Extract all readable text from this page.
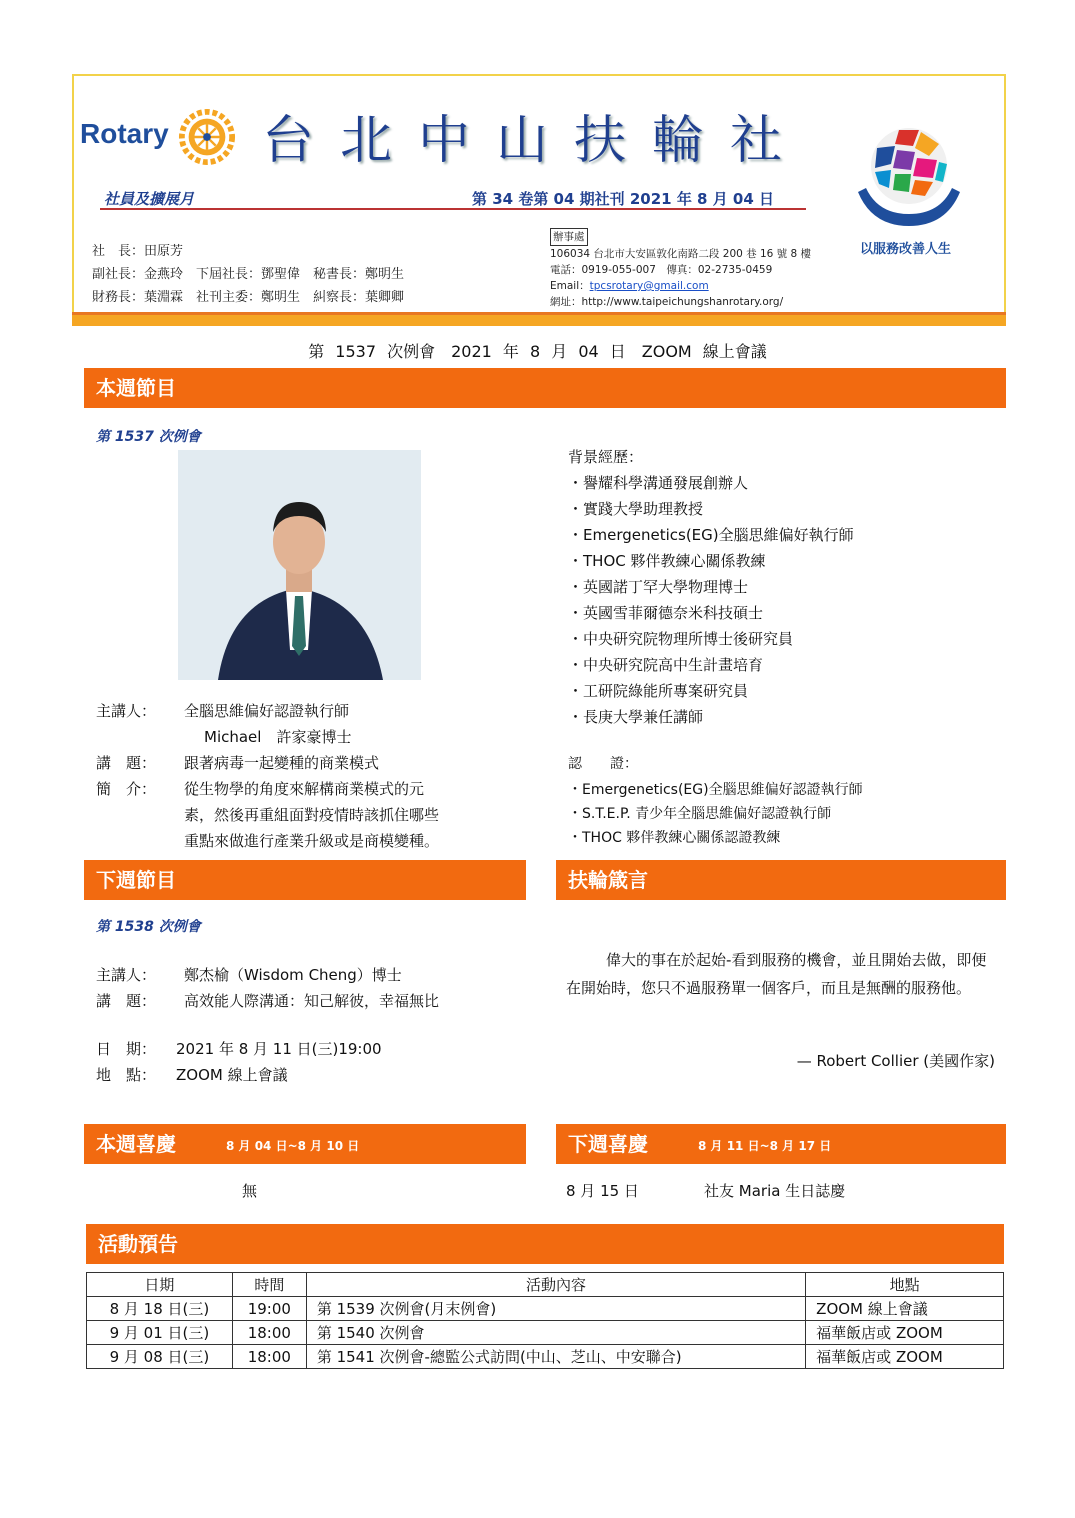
Rotary 台北中山扶輪社
社員及擴展月	第 34 卷第 04 期社刊 2021 年 8 月 04 日
社　長：田原芳
副社長：金燕玲　下屆社長：鄧聖偉　秘書長：鄭明生
財務長：葉淵霖　社刊主委：鄭明生　糾察長：葉卿卿
辦事處
106034 台北市大安區敦化南路二段 200 巷 16 號 8 樓
電話：0919-055-007　傳真：02-2735-0459
Email：tpcsrotary@gmail.com
網址：http://www.taipeichungshanrotary.org/
以服務改善人生
第 1537 次例會　2021 年 8 月 04 日　ZOOM 線上會議
本週節目
第 1537 次例會
主講人：	全腦思維偏好認證執行師
Michael　許家豪博士
講　題：	跟著病毒一起變種的商業模式
簡　介：	從生物學的角度來解構商業模式的元
素，然後再重組面對疫情時該抓住哪些
重點來做進行產業升級或是商模變種。
背景經歷：
・譽耀科學溝通發展創辦人
・實踐大學助理教授
・Emergenetics(EG)全腦思維偏好執行師
・THOC 夥伴教練心關係教練
・英國諾丁罕大學物理博士
・英國雪菲爾德奈米科技碩士
・中央研究院物理所博士後研究員
・中央研究院高中生計畫培育
・工研院綠能所專案研究員
・長庚大學兼任講師
認　　證：
・Emergenetics(EG)全腦思維偏好認證執行師
・S.T.E.P. 青少年全腦思維偏好認證執行師
・THOC 夥伴教練心關係認證教練
下週節目	扶輪箴言
第 1538 次例會
主講人：	鄭杰榆（Wisdom Cheng）博士
講　題：	高效能人際溝通：知己解彼，幸福無比
日　期：	2021 年 8 月 11 日(三)19:00
地　點：	ZOOM 線上會議
偉大的事在於起始-看到服務的機會，並且開始去做，即便在開始時，您只不過服務單一個客戶，而且是無酬的服務他。
— Robert Collier (美國作家)
本週喜慶	8 月 04 日~8 月 10 日	下週喜慶	8 月 11 日~8 月 17 日
無	8 月 15 日	社友 Maria 生日誌慶
活動預告
日期	時間	活動內容	地點
8 月 18 日(三)	19:00	第 1539 次例會(月末例會)	ZOOM 線上會議
9 月 01 日(三)	18:00	第 1540 次例會	福華飯店或 ZOOM
9 月 08 日(三)	18:00	第 1541 次例會-總監公式訪問(中山、芝山、中安聯合)	福華飯店或 ZOOM
